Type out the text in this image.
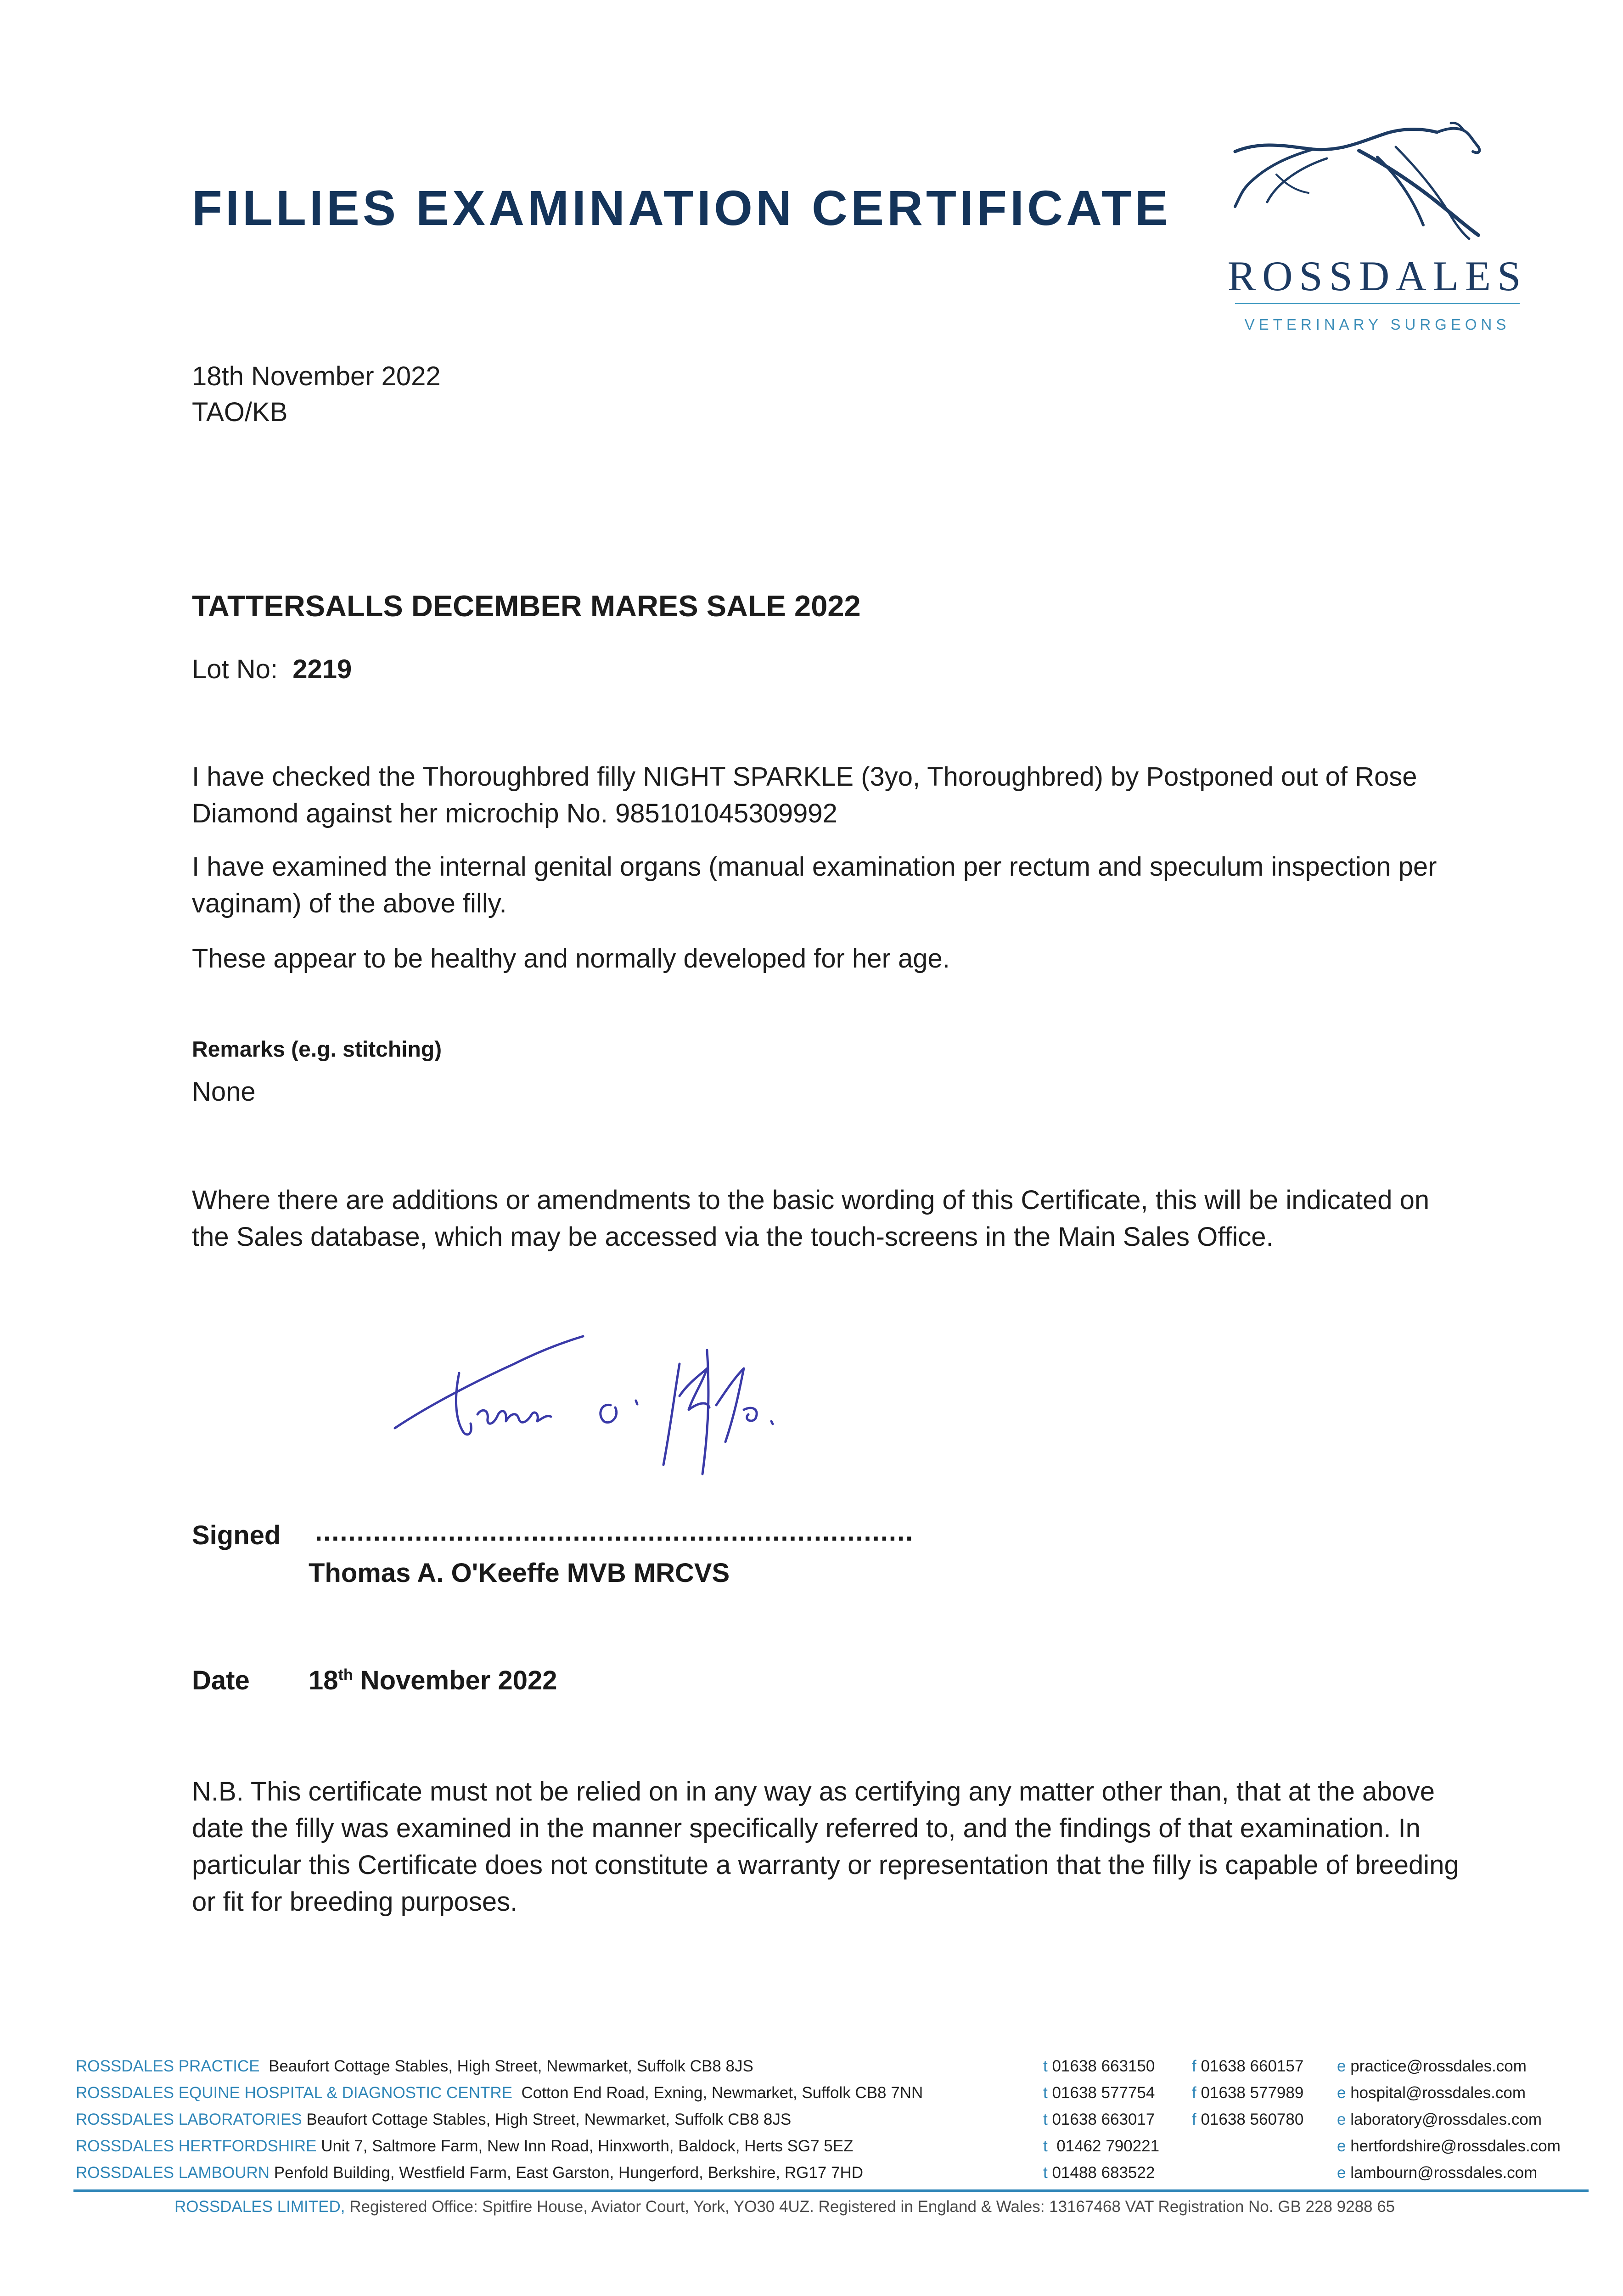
FILLIES EXAMINATION CERTIFICATE
ROSSDALES
VETERINARY SURGEONS
18th November 2022
TAO/KB
TATTERSALLS DECEMBER MARES SALE 2022
Lot No: 2219
I have checked the Thoroughbred filly NIGHT SPARKLE (3yo, Thoroughbred) by Postponed out of Rose Diamond against her microchip No. 985101045309992
I have examined the internal genital organs (manual examination per rectum and speculum inspection per vaginam) of the above filly.
These appear to be healthy and normally developed for her age.
Remarks (e.g. stitching)
None
Where there are additions or amendments to the basic wording of this Certificate, this will be indicated on the Sales database, which may be accessed via the touch-screens in the Main Sales Office.
Signed ........................................................................
Thomas A. O'Keeffe MVB MRCVS
Date 18th November 2022
N.B. This certificate must not be relied on in any way as certifying any matter other than, that at the above date the filly was examined in the manner specifically referred to, and the findings of that examination. In particular this Certificate does not constitute a warranty or representation that the filly is capable of breeding or fit for breeding purposes.
ROSSDALES PRACTICE Beaufort Cottage Stables, High Street, Newmarket, Suffolk CB8 8JS	t 01638 663150 f 01638 660157 e practice@rossdales.com
ROSSDALES EQUINE HOSPITAL & DIAGNOSTIC CENTRE Cotton End Road, Exning, Newmarket, Suffolk CB8 7NN	t 01638 577754 f 01638 577989 e hospital@rossdales.com
ROSSDALES LABORATORIES Beaufort Cottage Stables, High Street, Newmarket, Suffolk CB8 8JS	t 01638 663017 f 01638 560780 e laboratory@rossdales.com
ROSSDALES HERTFORDSHIRE Unit 7, Saltmore Farm, New Inn Road, Hinxworth, Baldock, Herts SG7 5EZ	t 01462 790221	e hertfordshire@rossdales.com
ROSSDALES LAMBOURN Penfold Building, Westfield Farm, East Garston, Hungerford, Berkshire, RG17 7HD	t 01488 683522	e lambourn@rossdales.com
ROSSDALES LIMITED, Registered Office: Spitfire House, Aviator Court, York, YO30 4UZ. Registered in England & Wales: 13167468 VAT Registration No. GB 228 9288 65
